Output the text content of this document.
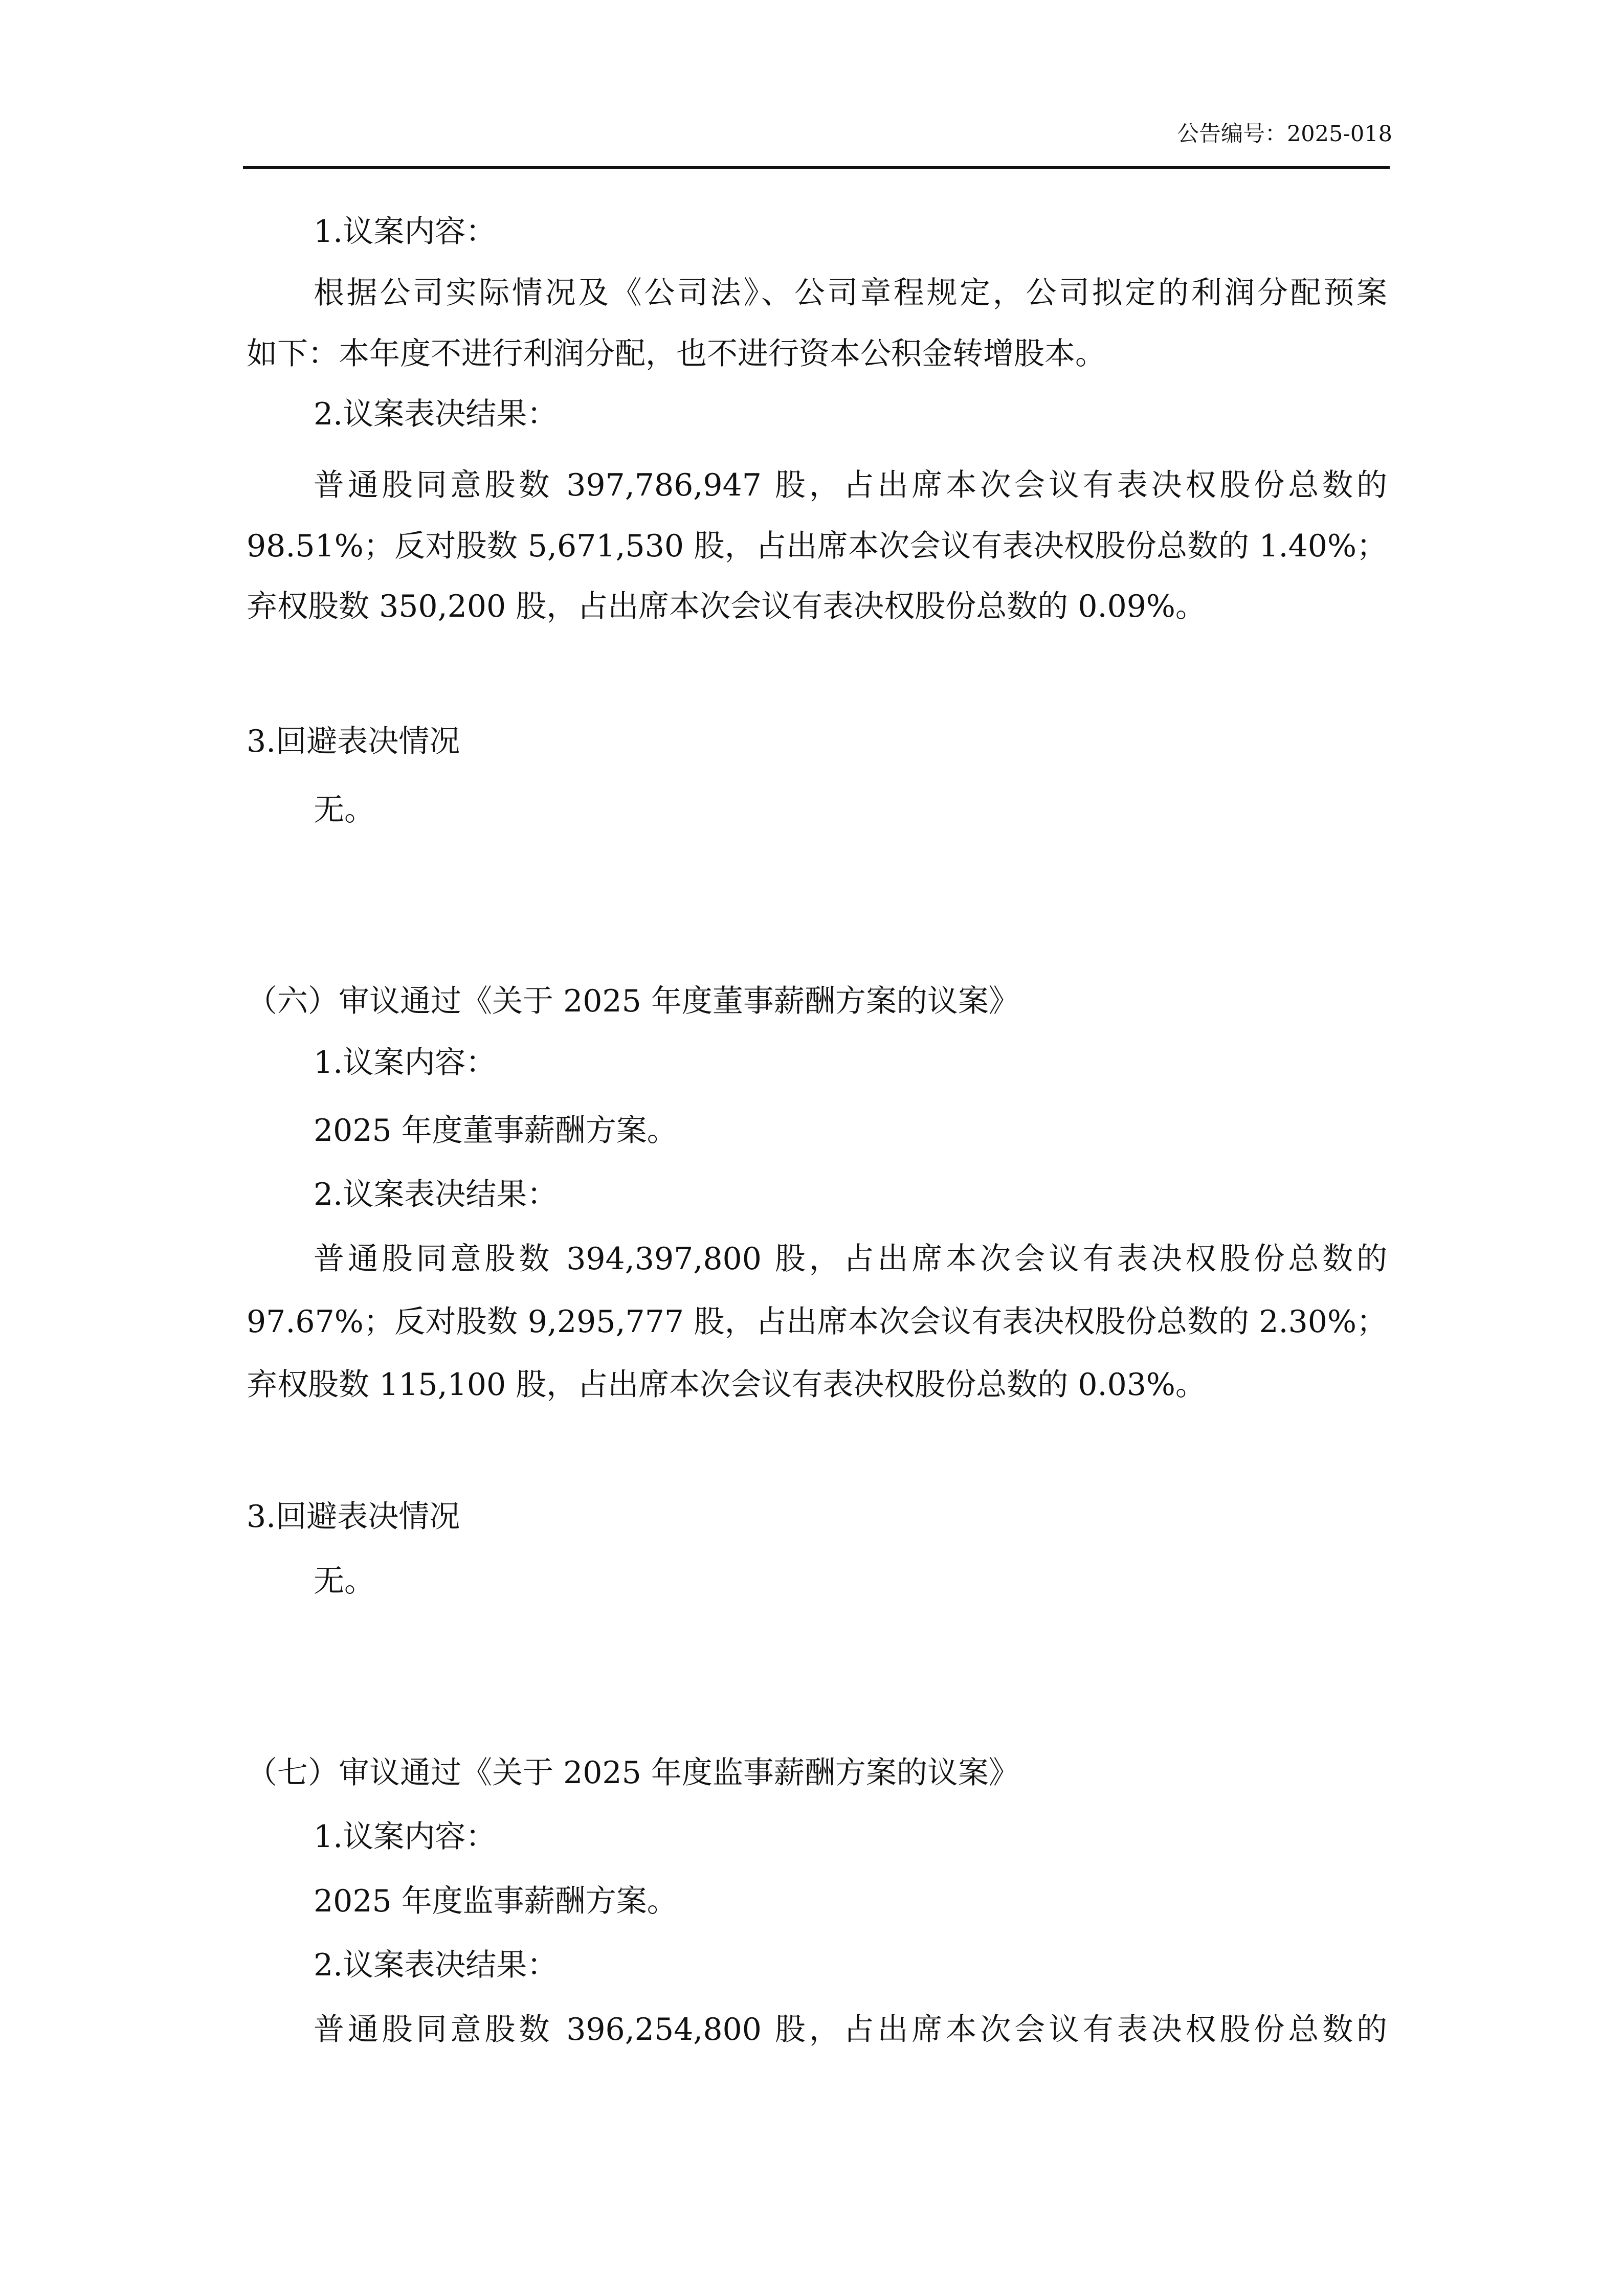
公告编号：2025-018
1.议案内容：
根据公司实际情况及《公司法》、公司章程规定，公司拟定的利润分配预案
如下：本年度不进行利润分配，也不进行资本公积金转增股本。
2.议案表决结果：
普通股同意股数 397,786,947 股，占出席本次会议有表决权股份总数的
98.51%；反对股数 5,671,530 股，占出席本次会议有表决权股份总数的 1.40%；
弃权股数 350,200 股，占出席本次会议有表决权股份总数的 0.09%。
3.回避表决情况
无。
（六）审议通过《关于 2025 年度董事薪酬方案的议案》
1.议案内容：
2025 年度董事薪酬方案。
2.议案表决结果：
普通股同意股数 394,397,800 股，占出席本次会议有表决权股份总数的
97.67%；反对股数 9,295,777 股，占出席本次会议有表决权股份总数的 2.30%；
弃权股数 115,100 股，占出席本次会议有表决权股份总数的 0.03%。
3.回避表决情况
无。
（七）审议通过《关于 2025 年度监事薪酬方案的议案》
1.议案内容：
2025 年度监事薪酬方案。
2.议案表决结果：
普通股同意股数 396,254,800 股，占出席本次会议有表决权股份总数的
